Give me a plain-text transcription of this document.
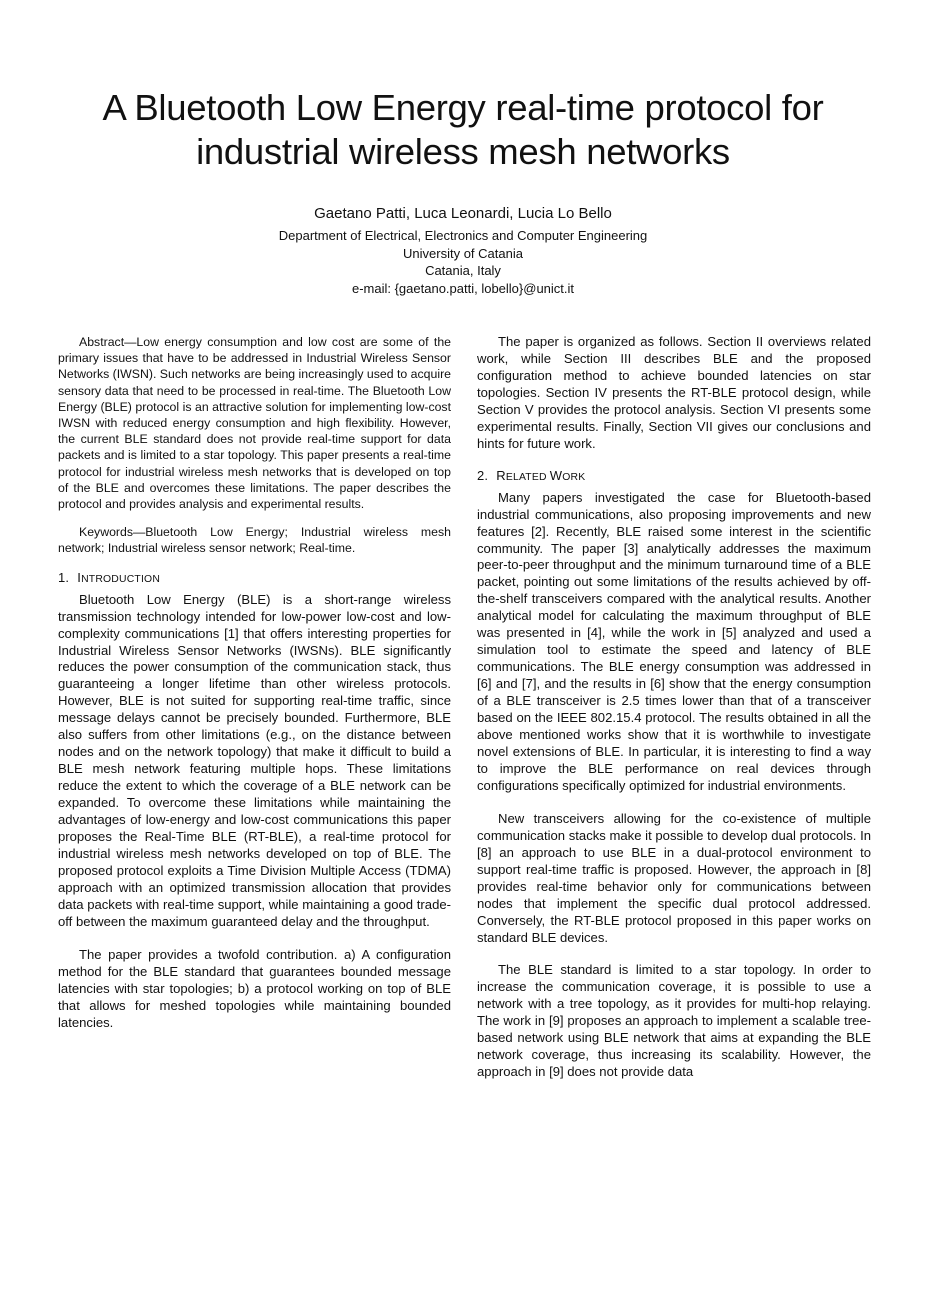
A Bluetooth Low Energy real-time protocol for
industrial wireless mesh networks
Gaetano Patti, Luca Leonardi, Lucia Lo Bello
Department of Electrical, Electronics and Computer Engineering
University of Catania
Catania, Italy
e-mail: {gaetano.patti, lobello}@unict.it

Abstract—Low energy consumption and low cost are some of the primary issues that have to be addressed in Industrial Wireless Sensor Networks (IWSN). Such networks are being increasingly used to acquire sensory data that need to be processed in real-time. The Bluetooth Low Energy (BLE) protocol is an attractive solution for implementing low-cost IWSN with reduced energy consumption and high flexibility. However, the current BLE standard does not provide real-time support for data packets and is limited to a star topology. This paper presents a real-time protocol for industrial wireless mesh networks that is developed on top of the BLE and overcomes these limitations. The paper describes the protocol and provides analysis and experimental results.

Keywords—Bluetooth Low Energy; Industrial wireless mesh network; Industrial wireless sensor network; Real-time.

1. INTRODUCTION

Bluetooth Low Energy (BLE) is a short-range wireless transmission technology intended for low-power low-cost and low-complexity communications [1] that offers interesting properties for Industrial Wireless Sensor Networks (IWSNs). BLE significantly reduces the power consumption of the communication stack, thus guaranteeing a longer lifetime than other wireless protocols. However, BLE is not suited for supporting real-time traffic, since message delays cannot be precisely bounded. Furthermore, BLE also suffers from other limitations (e.g., on the distance between nodes and on the network topology) that make it difficult to build a BLE mesh network featuring multiple hops. These limitations reduce the extent to which the coverage of a BLE network can be expanded. To overcome these limitations while maintaining the advantages of low-energy and low-cost communications this paper proposes the Real-Time BLE (RT-BLE), a real-time protocol for industrial wireless mesh networks developed on top of BLE. The proposed protocol exploits a Time Division Multiple Access (TDMA) approach with an optimized transmission allocation that provides data packets with real-time support, while maintaining a good trade-off between the maximum guaranteed delay and the throughput.

The paper provides a twofold contribution. a) A configuration method for the BLE standard that guarantees bounded message latencies with star topologies; b) a protocol working on top of BLE that allows for meshed topologies while maintaining bounded latencies.

The paper is organized as follows. Section II overviews related work, while Section III describes BLE and the proposed configuration method to achieve bounded latencies on star topologies. Section IV presents the RT-BLE protocol design, while Section V provides the protocol analysis. Section VI presents some experimental results. Finally, Section VII gives our conclusions and hints for future work.

2. RELATED WORK

Many papers investigated the case for Bluetooth-based industrial communications, also proposing improvements and new features [2]. Recently, BLE raised some interest in the scientific community. The paper [3] analytically addresses the maximum peer-to-peer throughput and the minimum turnaround time of a BLE packet, pointing out some limitations of the results achieved by off-the-shelf transceivers compared with the analytical results. Another analytical model for calculating the maximum throughput of BLE was presented in [4], while the work in [5] analyzed and used a simulation tool to estimate the speed and latency of BLE communications. The BLE energy consumption was addressed in [6] and [7], and the results in [6] show that the energy consumption of a BLE transceiver is 2.5 times lower than that of a transceiver based on the IEEE 802.15.4 protocol. The results obtained in all the above mentioned works show that it is worthwhile to investigate novel extensions of BLE. In particular, it is interesting to find a way to improve the BLE performance on real devices through configurations specifically optimized for industrial environments.

New transceivers allowing for the co-existence of multiple communication stacks make it possible to develop dual protocols. In [8] an approach to use BLE in a dual-protocol environment to support real-time traffic is proposed. However, the approach in [8] provides real-time behavior only for communications between nodes that implement the specific dual protocol addressed. Conversely, the RT-BLE protocol proposed in this paper works on standard BLE devices.

The BLE standard is limited to a star topology. In order to increase the communication coverage, it is possible to use a network with a tree topology, as it provides for multi-hop relaying. The work in [9] proposes an approach to implement a scalable tree-based network using BLE network that aims at expanding the BLE network coverage, thus increasing its scalability. However, the approach in [9] does not provide data
